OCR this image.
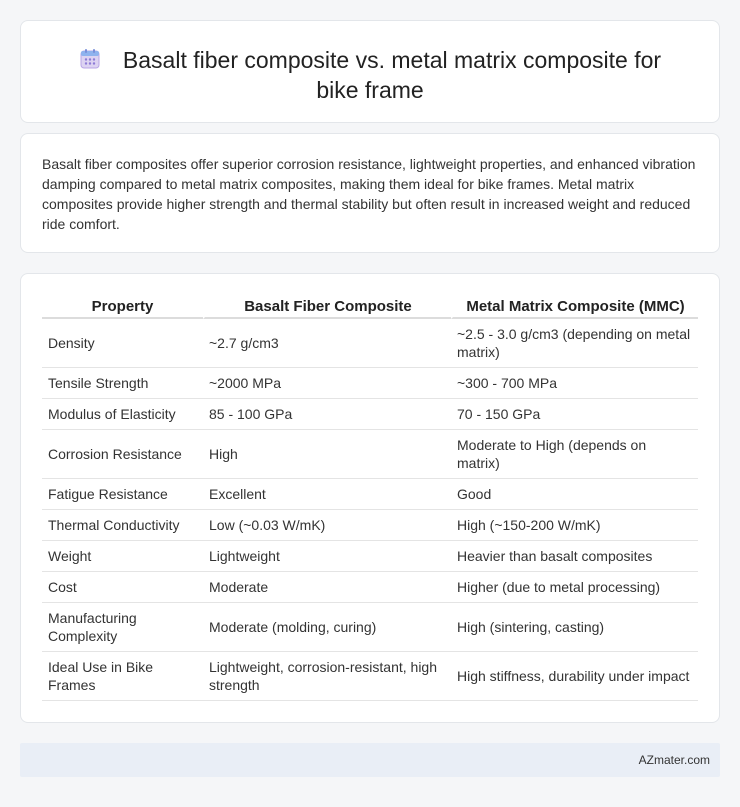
Basalt fiber composite vs. metal matrix composite for bike frame

Basalt fiber composites offer superior corrosion resistance, lightweight properties, and enhanced vibration damping compared to metal matrix composites, making them ideal for bike frames. Metal matrix composites provide higher strength and thermal stability but often result in increased weight and reduced ride comfort.

Property	Basalt Fiber Composite	Metal Matrix Composite (MMC)
Density	~2.7 g/cm3	~2.5 - 3.0 g/cm3 (depending on metal matrix)
Tensile Strength	~2000 MPa	~300 - 700 MPa
Modulus of Elasticity	85 - 100 GPa	70 - 150 GPa
Corrosion Resistance	High	Moderate to High (depends on matrix)
Fatigue Resistance	Excellent	Good
Thermal Conductivity	Low (~0.03 W/mK)	High (~150-200 W/mK)
Weight	Lightweight	Heavier than basalt composites
Cost	Moderate	Higher (due to metal processing)
Manufacturing Complexity	Moderate (molding, curing)	High (sintering, casting)
Ideal Use in Bike Frames	Lightweight, corrosion-resistant, high strength	High stiffness, durability under impact
AZmater.com
